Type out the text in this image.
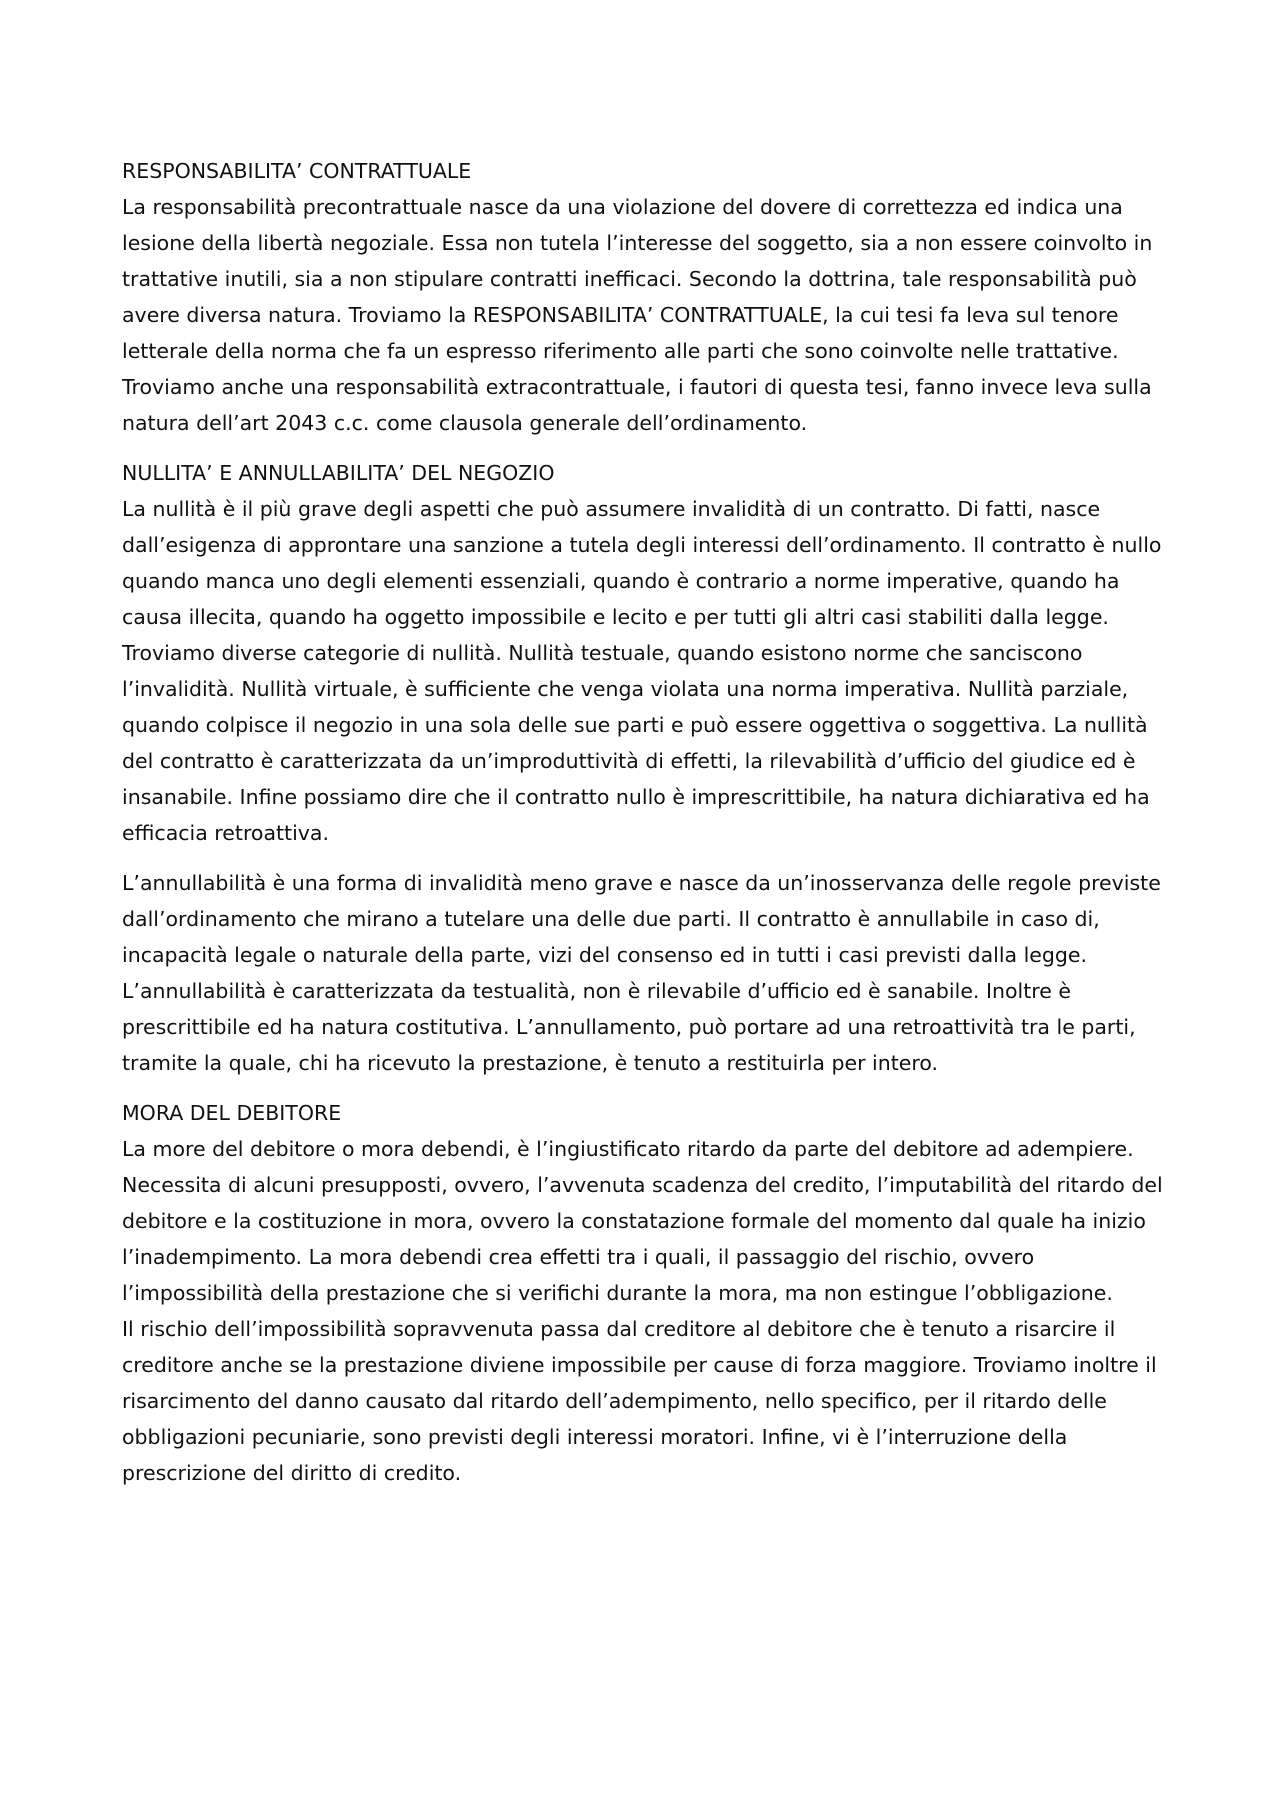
RESPONSABILITA’ CONTRATTUALE

La responsabilità precontrattuale nasce da una violazione del dovere di correttezza ed indica una lesione della libertà negoziale. Essa non tutela l’interesse del soggetto, sia a non essere coinvolto in trattative inutili, sia a non stipulare contratti inefficaci. Secondo la dottrina, tale responsabilità può avere diversa natura. Troviamo la RESPONSABILITA’ CONTRATTUALE, la cui tesi fa leva sul tenore letterale della norma che fa un espresso riferimento alle parti che sono coinvolte nelle trattative. Troviamo anche una responsabilità extracontrattuale, i fautori di questa tesi, fanno invece leva sulla natura dell’art 2043 c.c. come clausola generale dell’ordinamento.

NULLITA’ E ANNULLABILITA’ DEL NEGOZIO

La nullità è il più grave degli aspetti che può assumere invalidità di un contratto. Di fatti, nasce dall’esigenza di approntare una sanzione a tutela degli interessi dell’ordinamento. Il contratto è nullo quando manca uno degli elementi essenziali, quando è contrario a norme imperative, quando ha causa illecita, quando ha oggetto impossibile e lecito e per tutti gli altri casi stabiliti dalla legge. Troviamo diverse categorie di nullità. Nullità testuale, quando esistono norme che sanciscono l’invalidità. Nullità virtuale, è sufficiente che venga violata una norma imperativa. Nullità parziale, quando colpisce il negozio in una sola delle sue parti e può essere oggettiva o soggettiva. La nullità del contratto è caratterizzata da un’improduttività di effetti, la rilevabilità d’ufficio del giudice ed è insanabile. Infine possiamo dire che il contratto nullo è imprescrittibile, ha natura dichiarativa ed ha efficacia retroattiva.

L’annullabilità è una forma di invalidità meno grave e nasce da un’inosservanza delle regole previste dall’ordinamento che mirano a tutelare una delle due parti. Il contratto è annullabile in caso di, incapacità legale o naturale della parte, vizi del consenso ed in tutti i casi previsti dalla legge. L’annullabilità è caratterizzata da testualità, non è rilevabile d’ufficio ed è sanabile. Inoltre è prescrittibile ed ha natura costitutiva. L’annullamento, può portare ad una retroattività tra le parti, tramite la quale, chi ha ricevuto la prestazione, è tenuto a restituirla per intero.

MORA DEL DEBITORE

La more del debitore o mora debendi, è l’ingiustificato ritardo da parte del debitore ad adempiere. Necessita di alcuni presupposti, ovvero, l’avvenuta scadenza del credito, l’imputabilità del ritardo del debitore e la costituzione in mora, ovvero la constatazione formale del momento dal quale ha inizio l’inadempimento. La mora debendi crea effetti tra i quali, il passaggio del rischio, ovvero l’impossibilità della prestazione che si verifichi durante la mora, ma non estingue l’obbligazione.

Il rischio dell’impossibilità sopravvenuta passa dal creditore al debitore che è tenuto a risarcire il creditore anche se la prestazione diviene impossibile per cause di forza maggiore. Troviamo inoltre il risarcimento del danno causato dal ritardo dell’adempimento, nello specifico, per il ritardo delle obbligazioni pecuniarie, sono previsti degli interessi moratori. Infine, vi è l’interruzione della prescrizione del diritto di credito.
